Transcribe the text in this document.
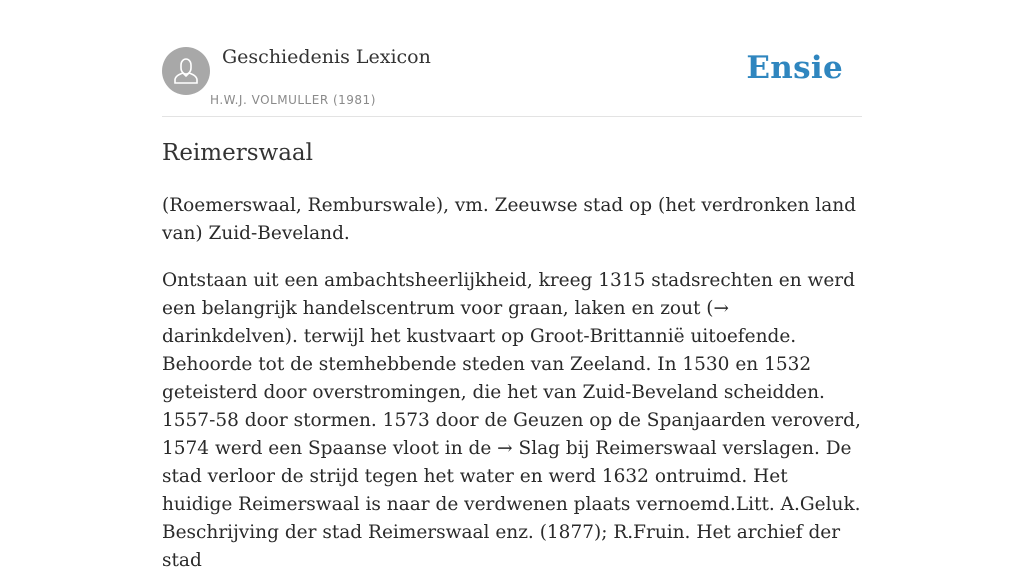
Geschiedenis Lexicon
H.W.J. VOLMULLER (1981)
Ensie
Reimerswaal

(Roemerswaal, Remburswale), vm. Zeeuwse stad op (het verdronken land van) Zuid-Beveland.

Ontstaan uit een ambachtsheerlijkheid, kreeg 1315 stadsrechten en werd een belangrijk handelscentrum voor graan, laken en zout (→ darinkdelven). terwijl het kustvaart op Groot-Brittannië uitoefende. Behoorde tot de stemhebbende steden van Zeeland. In 1530 en 1532 geteisterd door overstromingen, die het van Zuid-Beveland scheidden. 1557-58 door stormen. 1573 door de Geuzen op de Spanjaarden veroverd, 1574 werd een Spaanse vloot in de → Slag bij Reimerswaal verslagen. De stad verloor de strijd tegen het water en werd 1632 ontruimd. Het huidige Reimerswaal is naar de verdwenen plaats vernoemd.Litt. A.Geluk. Beschrijving der stad Reimerswaal enz. (1877); R.Fruin. Het archief der stad
